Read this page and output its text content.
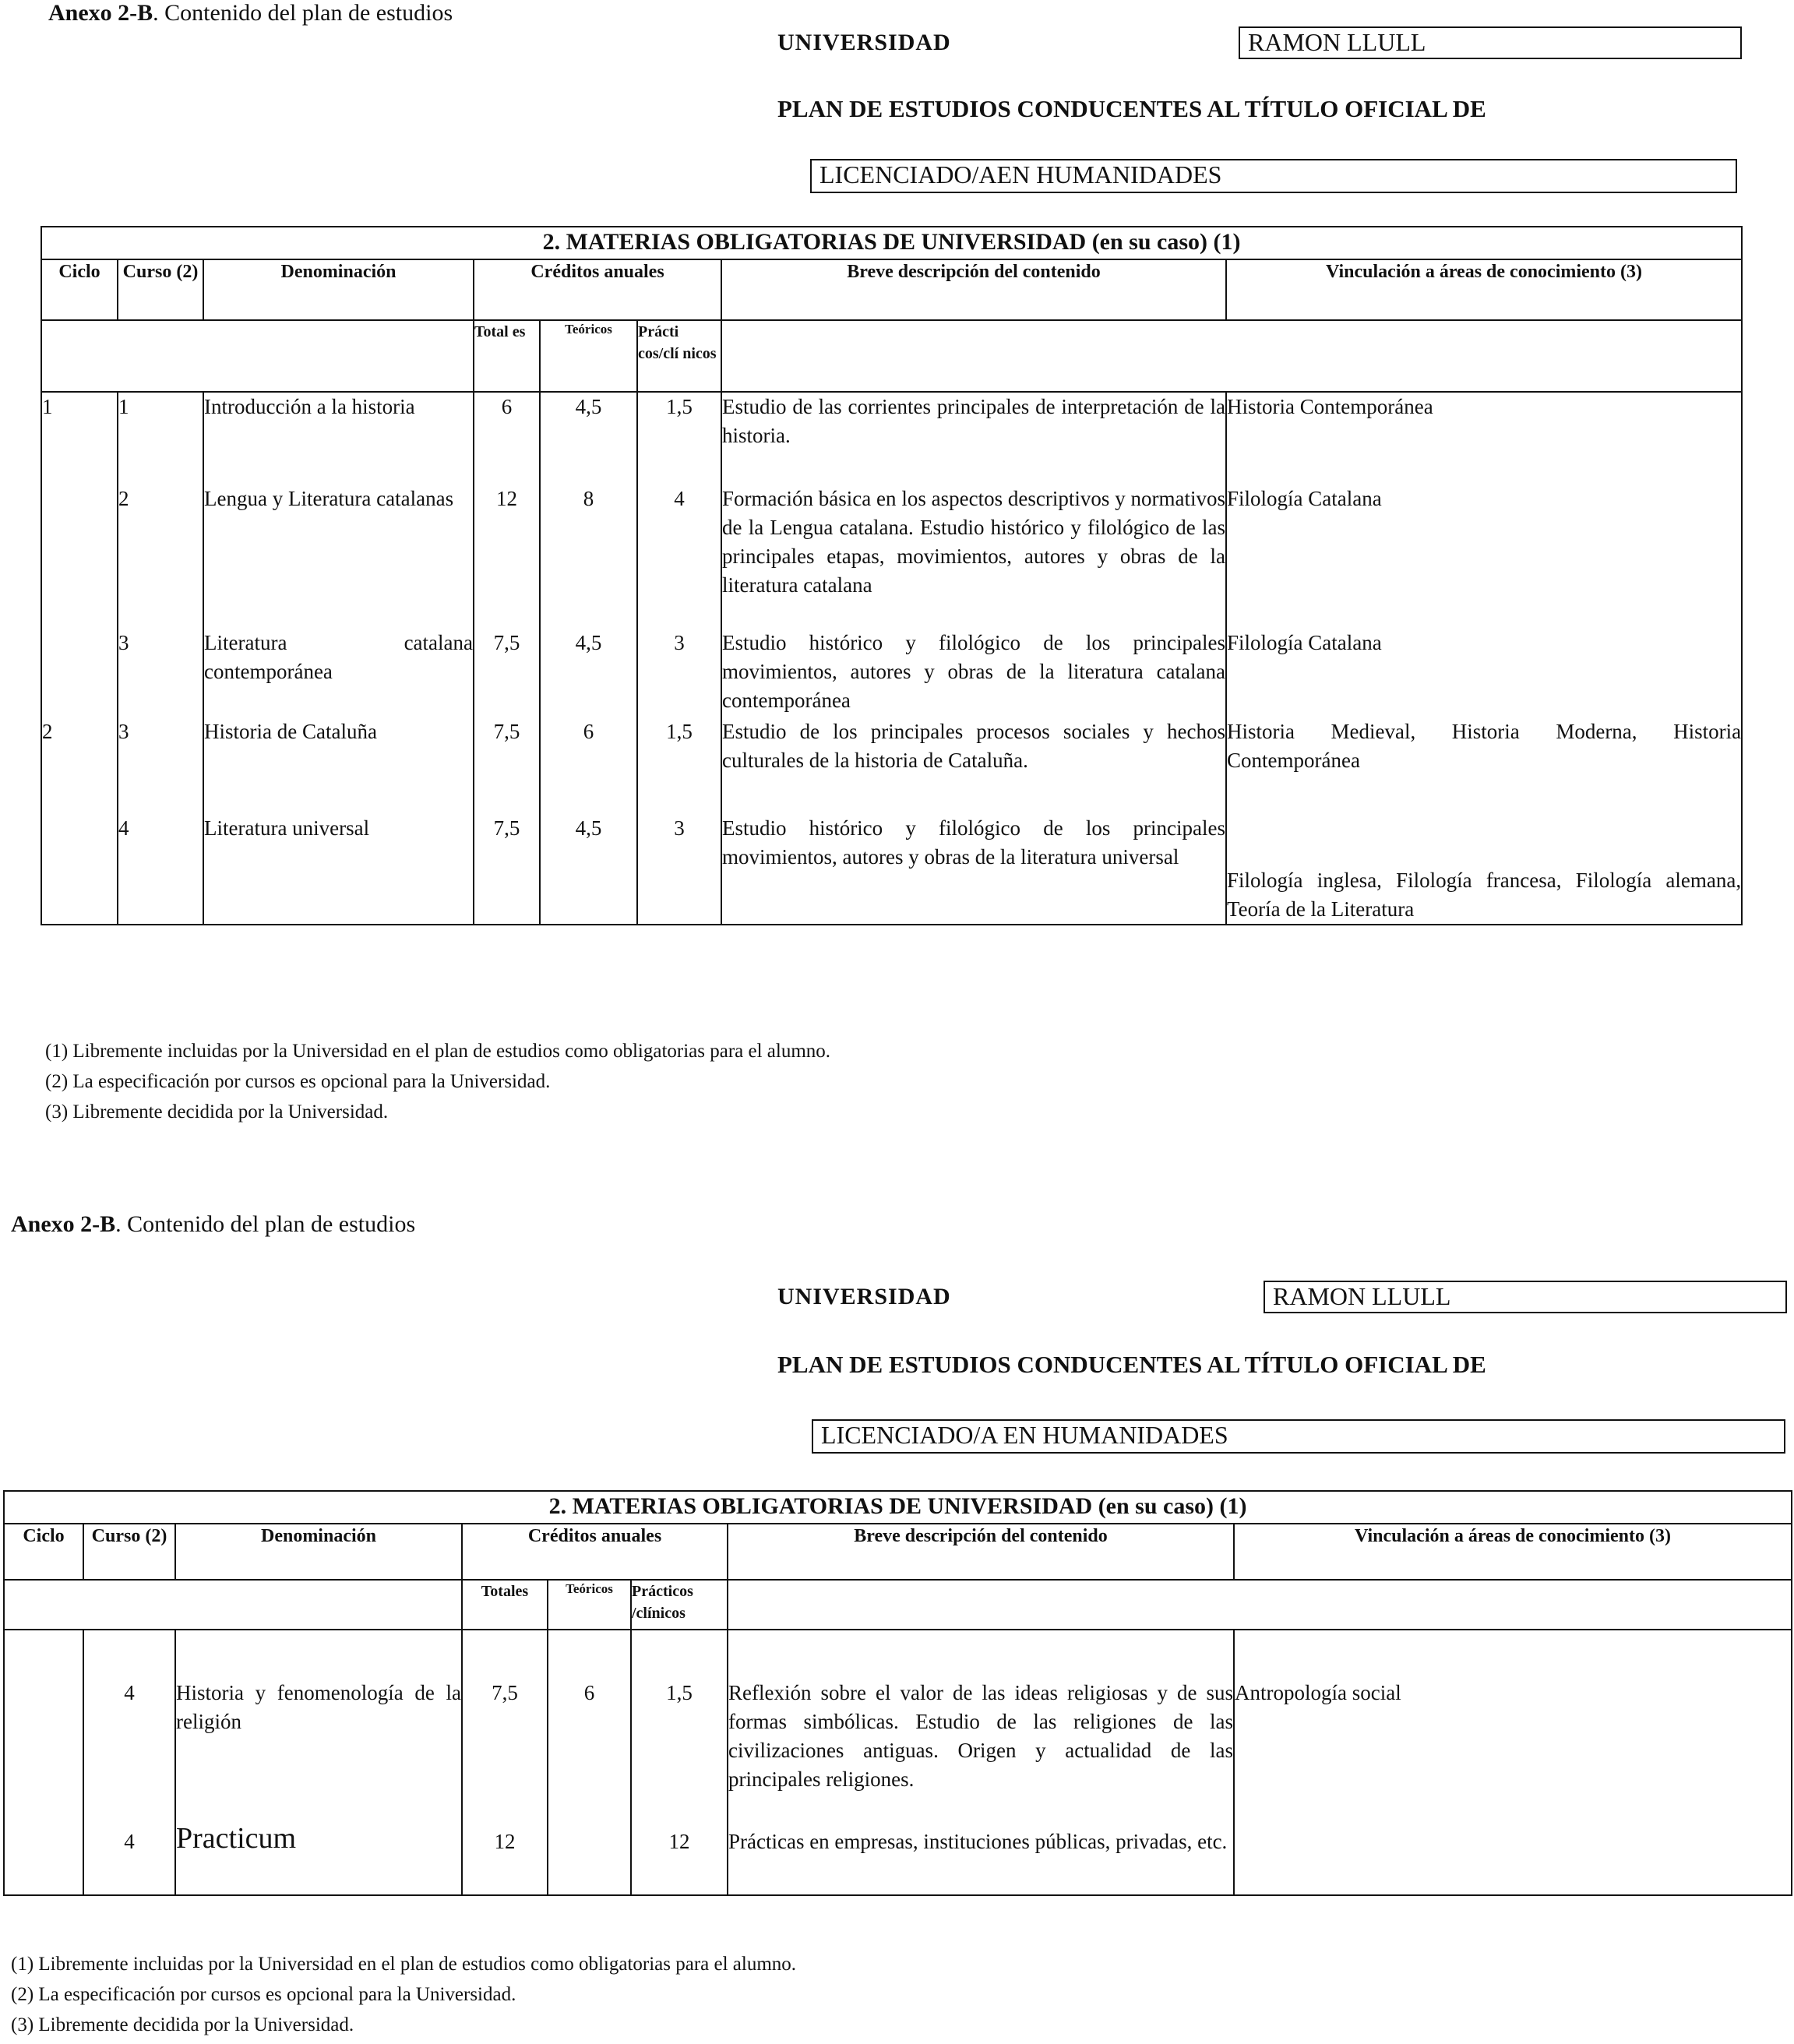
Anexo 2-B. Contenido del plan de estudios
UNIVERSIDAD	RAMON LLULL
PLAN DE ESTUDIOS CONDUCENTES AL TÍTULO OFICIAL DE
LICENCIADO/AEN HUMANIDADES
2. MATERIAS OBLIGATORIAS DE UNIVERSIDAD (en su caso) (1)							
Ciclo	Curso (2)	Denominación	Créditos anuales			Breve descripción del contenido	Vinculación a áreas de conocimiento (3)
			Total es	Teóricos	Prácti cos/clí nicos		
1	1	Introducción a la historia	6	4,5	1,5	Estudio de las corrientes principales de interpretación de la historia.	Historia Contemporánea
	2	Lengua y Literatura catalanas	12	8	4	Formación básica en los aspectos descriptivos y normativos de la Lengua catalana. Estudio histórico y filológico de las principales etapas, movimientos, autores y obras de la literatura catalana	Filología Catalana
	3	Literatura catalana contemporánea	7,5	4,5	3	Estudio histórico y filológico de los principales movimientos, autores y obras de la literatura catalana contemporánea	Filología Catalana
2	3	Historia de Cataluña	7,5	6	1,5	Estudio de los principales procesos sociales y hechos culturales de la historia de Cataluña.	Historia Medieval, Historia Moderna, Historia Contemporánea
	4	Literatura universal	7,5	4,5	3	Estudio histórico y filológico de los principales movimientos, autores y obras de la literatura universal	Filología inglesa, Filología francesa, Filología alemana, Teoría de la Literatura
(1) Libremente incluidas por la Universidad en el plan de estudios como obligatorias para el alumno.
(2) La especificación por cursos es opcional para la Universidad.
(3) Libremente decidida por la Universidad.
Anexo 2-B. Contenido del plan de estudios
UNIVERSIDAD	RAMON LLULL
PLAN DE ESTUDIOS CONDUCENTES AL TÍTULO OFICIAL DE
LICENCIADO/A EN HUMANIDADES
2. MATERIAS OBLIGATORIAS DE UNIVERSIDAD (en su caso) (1)							
Ciclo	Curso (2)	Denominación	Créditos anuales			Breve descripción del contenido	Vinculación a áreas de conocimiento (3)
			Totales	Teóricos	Prácticos /clínicos		
	4	Historia y fenomenología de la religión	7,5	6	1,5	Reflexión sobre el valor de las ideas religiosas y de sus formas simbólicas. Estudio de las religiones de las civilizaciones antiguas. Origen y actualidad de las principales religiones.	Antropología social
	4	Practicum	12		12	Prácticas en empresas, instituciones públicas, privadas, etc.	
(1) Libremente incluidas por la Universidad en el plan de estudios como obligatorias para el alumno.
(2) La especificación por cursos es opcional para la Universidad.
(3) Libremente decidida por la Universidad.
